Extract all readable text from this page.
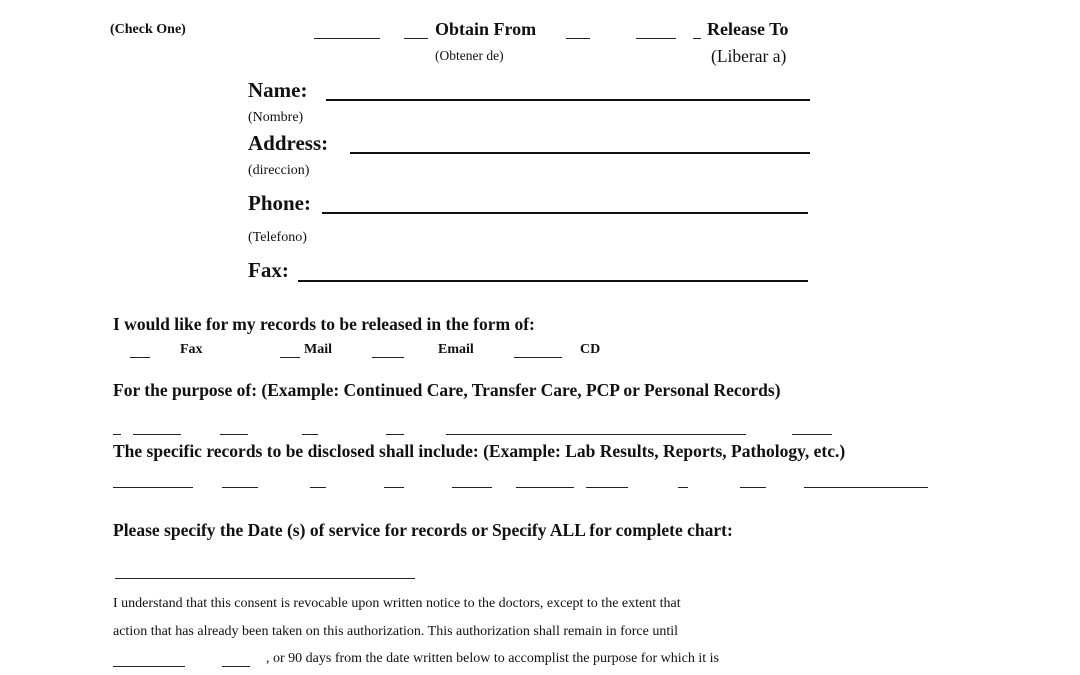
(Check One)	Obtain From
(Obtener de)
Release To
(Liberar a)
Name:
(Nombre)
Address:
(direccion)
Phone:
(Telefono)
Fax:
I would like for my records to be released in the form of:
Fax	Mail	Email	CD
For the purpose of: (Example: Continued Care, Transfer Care, PCP or Personal Records)
The specific records to be disclosed shall include: (Example: Lab Results, Reports, Pathology, etc.)
Please specify the Date (s) of service for records or Specify ALL for complete chart:
I understand that this consent is revocable upon written notice to the doctors, except to the extent that
action that has already been taken on this authorization. This authorization shall remain in force until
, or 90 days from the date written below to accomplist the purpose for which it is
